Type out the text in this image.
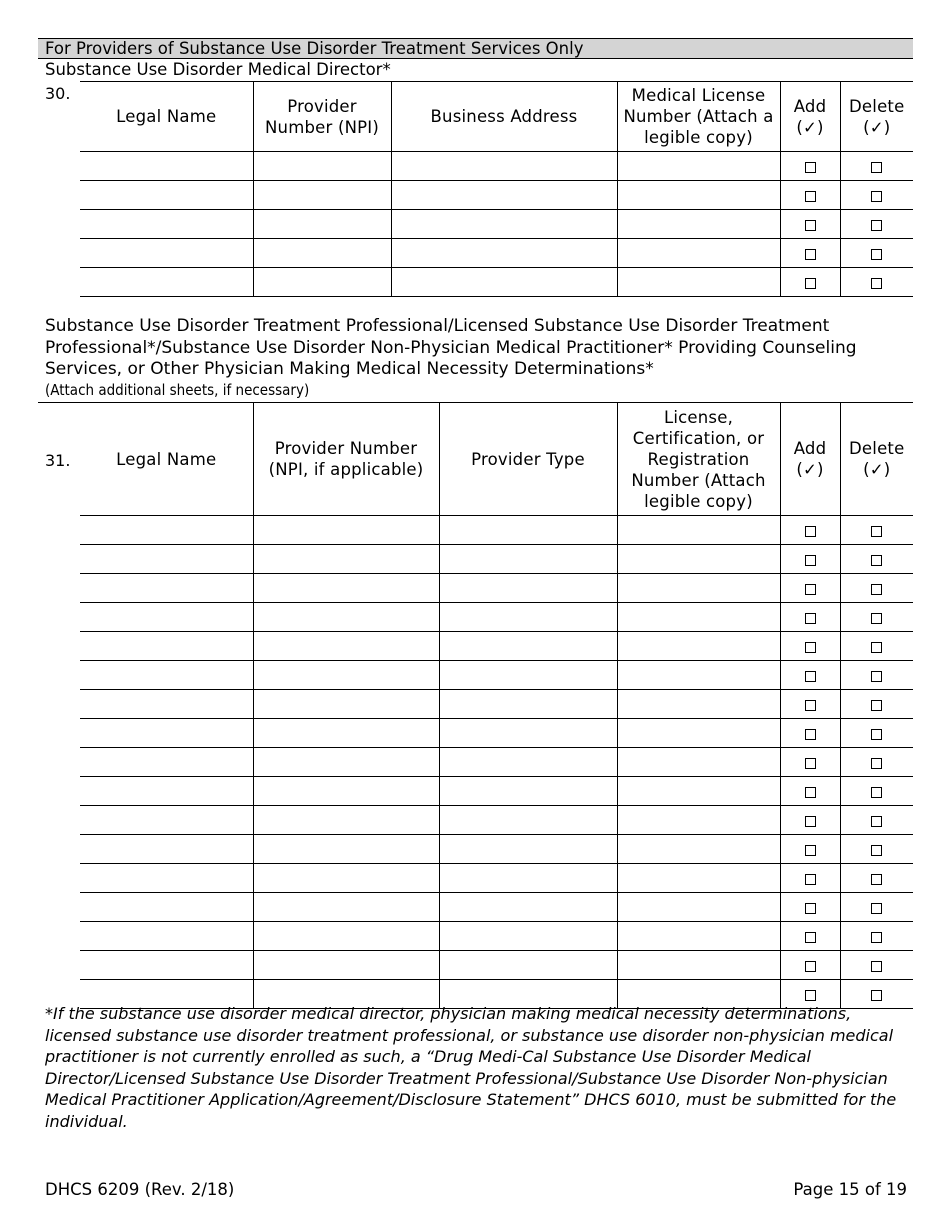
For Providers of Substance Use Disorder Treatment Services Only
Substance Use Disorder Medical Director*
30.
Legal Name	Provider Number (NPI)	Business Address	Medical License Number (Attach a legible copy)	Add (✓)	Delete (✓)

Substance Use Disorder Treatment Professional/Licensed Substance Use Disorder Treatment Professional*/Substance Use Disorder Non-Physician Medical Practitioner* Providing Counseling Services, or Other Physician Making Medical Necessity Determinations*
(Attach additional sheets, if necessary)
31.	Legal Name	Provider Number (NPI, if applicable)	Provider Type	License, Certification, or Registration Number (Attach legible copy)	Add (✓)	Delete (✓)

*If the substance use disorder medical director, physician making medical necessity determinations, licensed substance use disorder treatment professional, or substance use disorder non-physician medical practitioner is not currently enrolled as such, a “Drug Medi-Cal Substance Use Disorder Medical Director/Licensed Substance Use Disorder Treatment Professional/Substance Use Disorder Non-physician Medical Practitioner Application/Agreement/Disclosure Statement” DHCS 6010, must be submitted for the individual.
DHCS 6209 (Rev. 2/18)	Page 15 of 19
